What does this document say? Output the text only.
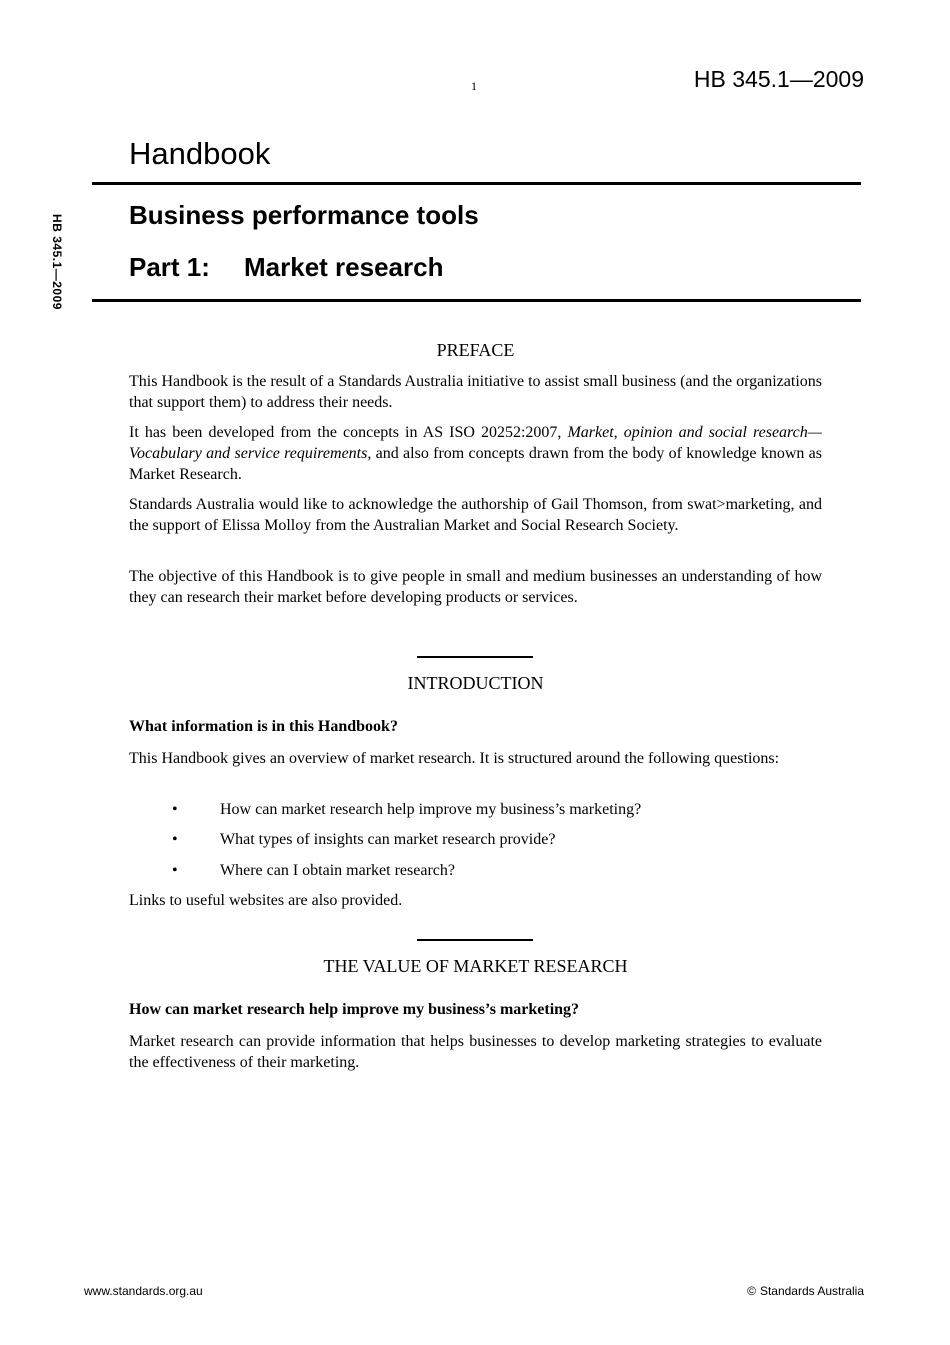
1	HB 345.1—2009
HB 345.1—2009
Handbook
Business performance tools
Part 1: Market research
PREFACE

This Handbook is the result of a Standards Australia initiative to assist small business (and the organizations that support them) to address their needs.

It has been developed from the concepts in AS ISO 20252:2007, Market, opinion and social research—Vocabulary and service requirements, and also from concepts drawn from the body of knowledge known as Market Research.

Standards Australia would like to acknowledge the authorship of Gail Thomson, from swat>marketing, and the support of Elissa Molloy from the Australian Market and Social Research Society.

The objective of this Handbook is to give people in small and medium businesses an understanding of how they can research their market before developing products or services.

INTRODUCTION
What information is in this Handbook?

This Handbook gives an overview of market research. It is structured around the following questions:

•	How can market research help improve my business’s marketing?
•	What types of insights can market research provide?
•	Where can I obtain market research?

Links to useful websites are also provided.

THE VALUE OF MARKET RESEARCH
How can market research help improve my business’s marketing?

Market research can provide information that helps businesses to develop marketing strategies to evaluate the effectiveness of their marketing.

www.standards.org.au	© Standards Australia
